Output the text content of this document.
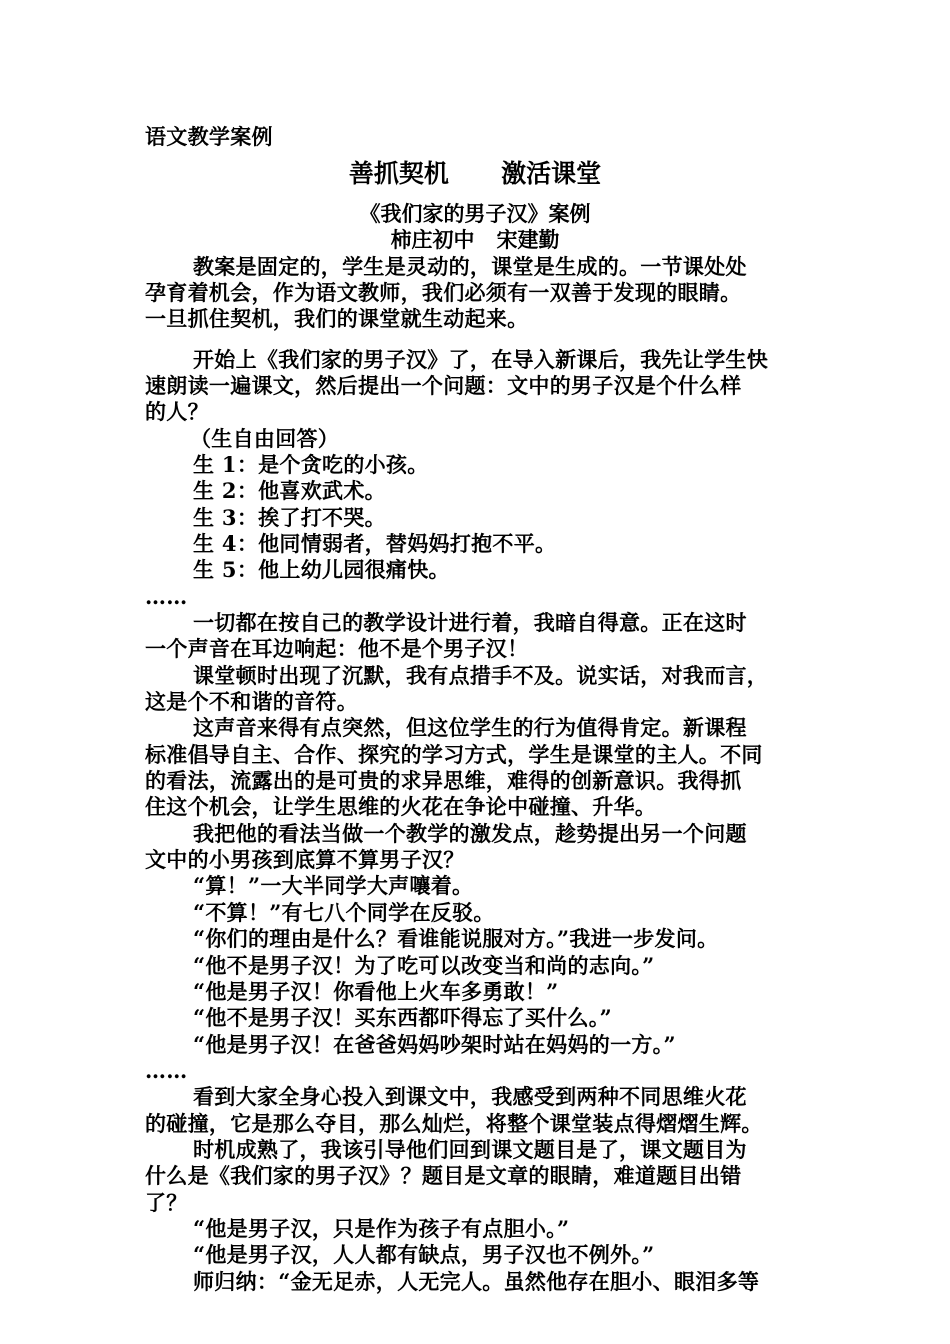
语文教学案例
善抓契机      激活课堂
《我们家的男子汉》案例
柿庄初中   宋建勤
教案是固定的，学生是灵动的，课堂是生成的。一节课处处
孕育着机会，作为语文教师，我们必须有一双善于发现的眼睛。
一旦抓住契机，我们的课堂就生动起来。
开始上《我们家的男子汉》了，在导入新课后，我先让学生快
速朗读一遍课文，然后提出一个问题：文中的男子汉是个什么样
的人？
（生自由回答）
生 1：是个贪吃的小孩。
生 2：他喜欢武术。
生 3：挨了打不哭。
生 4：他同情弱者，替妈妈打抱不平。
生 5：他上幼儿园很痛快。
……
一切都在按自己的教学设计进行着，我暗自得意。正在这时
一个声音在耳边响起：他不是个男子汉！
课堂顿时出现了沉默，我有点措手不及。说实话，对我而言，
这是个不和谐的音符。
这声音来得有点突然，但这位学生的行为值得肯定。新课程
标准倡导自主、合作、探究的学习方式，学生是课堂的主人。不同
的看法，流露出的是可贵的求异思维，难得的创新意识。我得抓
住这个机会，让学生思维的火花在争论中碰撞、升华。
我把他的看法当做一个教学的激发点，趁势提出另一个问题
文中的小男孩到底算不算男子汉？
“算！”一大半同学大声嚷着。
“不算！”有七八个同学在反驳。
“你们的理由是什么？看谁能说服对方。”我进一步发问。
“他不是男子汉！为了吃可以改变当和尚的志向。”
“他是男子汉！你看他上火车多勇敢！”
“他不是男子汉！买东西都吓得忘了买什么。”
“他是男子汉！在爸爸妈妈吵架时站在妈妈的一方。”
……
看到大家全身心投入到课文中，我感受到两种不同思维火花
的碰撞，它是那么夺目，那么灿烂，将整个课堂装点得熠熠生辉。
时机成熟了，我该引导他们回到课文题目是了，课文题目为
什么是《我们家的男子汉》？题目是文章的眼睛，难道题目出错
了？
“他是男子汉，只是作为孩子有点胆小。”
“他是男子汉，人人都有缺点，男子汉也不例外。”
师归纳：“金无足赤，人无完人。虽然他存在胆小、眼泪多等
